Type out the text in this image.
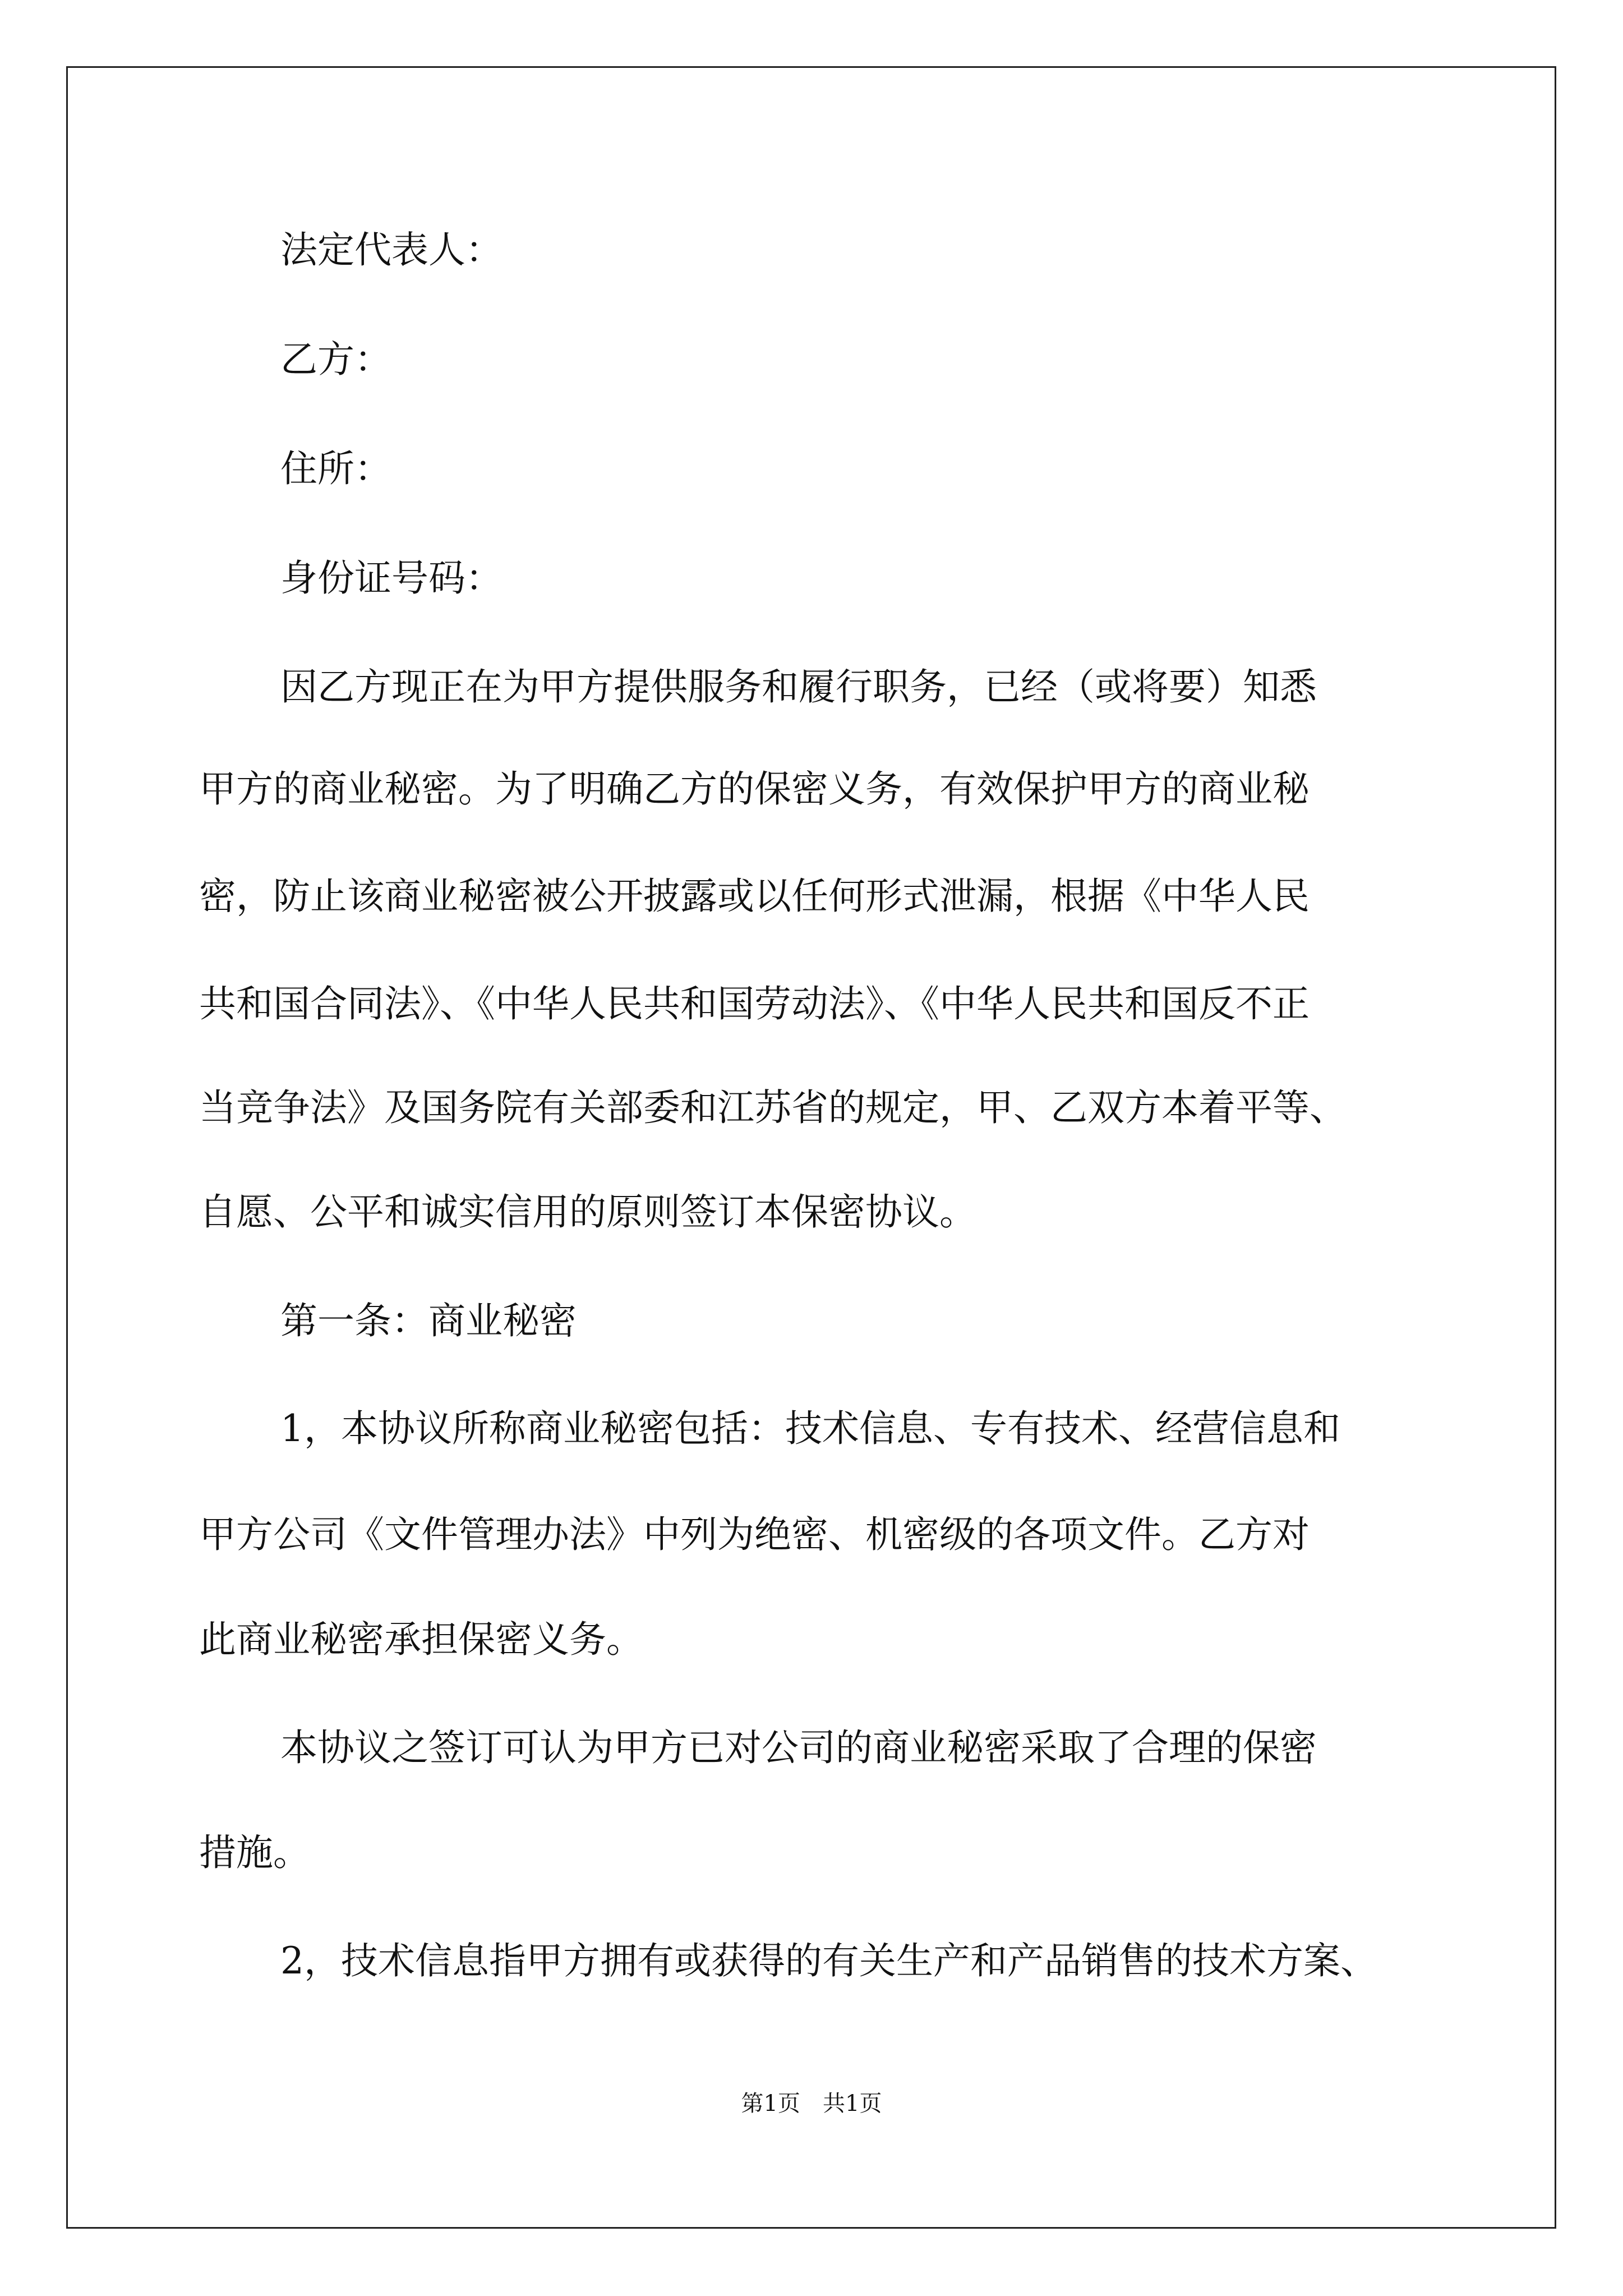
法定代表人：
乙方：
住所：
身份证号码：
因乙方现正在为甲方提供服务和履行职务，已经（或将要）知悉
甲方的商业秘密。为了明确乙方的保密义务，有效保护甲方的商业秘
密，防止该商业秘密被公开披露或以任何形式泄漏，根据《中华人民
共和国合同法》、《中华人民共和国劳动法》、《中华人民共和国反不正
当竞争法》及国务院有关部委和江苏省的规定，甲、乙双方本着平等、
自愿、公平和诚实信用的原则签订本保密协议。
第一条：商业秘密
1，本协议所称商业秘密包括：技术信息、专有技术、经营信息和
甲方公司《文件管理办法》中列为绝密、机密级的各项文件。乙方对
此商业秘密承担保密义务。
本协议之签订可认为甲方已对公司的商业秘密采取了合理的保密
措施。
2，技术信息指甲方拥有或获得的有关生产和产品销售的技术方案、
第1页　共1页
